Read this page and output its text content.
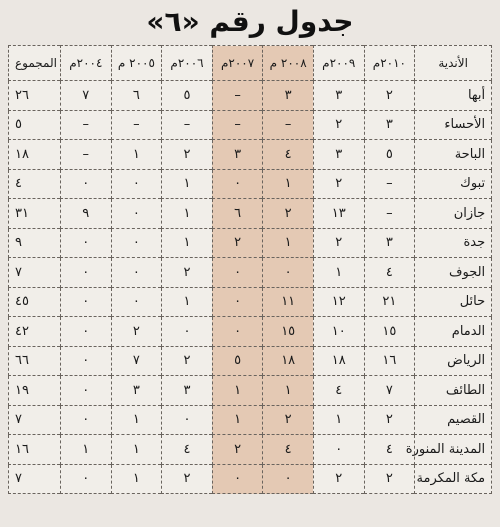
جدول رقم «٦»
الأندية	٢٠١٠م	٢٠٠٩م	٢٠٠٨ م	٢٠٠٧م	٢٠٠٦م	٢٠٠٥ م	٢٠٠٤م	المجموع
أبها	٢	٣	٣	–	٥	٦	٧	٢٦
الأحساء	٣	٢	–	–	–	–	–	٥
الباحة	٥	٣	٤	٣	٢	١	–	١٨
تبوك	–	٢	١	٠	١	٠	٠	٤
جازان	–	١٣	٢	٦	١	٠	٩	٣١
جدة	٣	٢	١	٢	١	٠	٠	٩
الجوف	٤	١	٠	٠	٢	٠	٠	٧
حائل	٢١	١٢	١١	٠	١	٠	٠	٤٥
الدمام	١٥	١٠	١٥	٠	٠	٢	٠	٤٢
الرياض	١٦	١٨	١٨	٥	٢	٧	٠	٦٦
الطائف	٧	٤	١	١	٣	٣	٠	١٩
القصيم	٢	١	٢	١	٠	١	٠	٧
المدينة المنورة	٤	٠	٤	٢	٤	١	١	١٦
مكة المكرمة	٢	٢	٠	٠	٢	١	٠	٧
